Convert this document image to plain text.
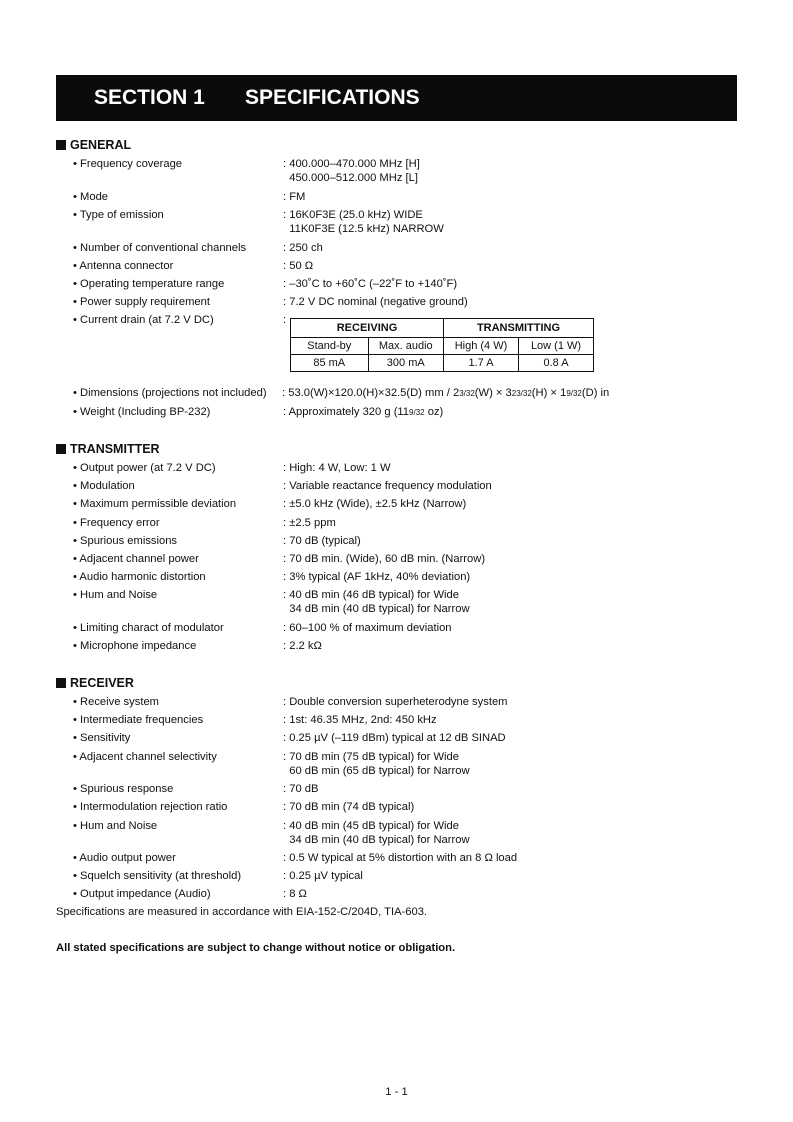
SECTION 1 SPECIFICATIONS
GENERAL
• Frequency coverage	: 400.000–470.000 MHz [H]
450.000–512.000 MHz [L]
• Mode	: FM
• Type of emission	: 16K0F3E (25.0 kHz) WIDE
11K0F3E (12.5 kHz) NARROW
• Number of conventional channels	: 250 ch
• Antenna connector	: 50 Ω
• Operating temperature range	: –30˚C to +60˚C (–22˚F to +140˚F)
• Power supply requirement	: 7.2 V DC nominal (negative ground)
• Current drain (at 7.2 V DC)	:
RECEIVING		TRANSMITTING	
Stand-by	Max. audio	High (4 W)	Low (1 W)
85 mA	300 mA	1.7 A	0.8 A
• Dimensions (projections not included) : 53.0(W)×120.0(H)×32.5(D) mm / 23/32(W) × 323/32(H) × 19/32(D) in
• Weight (Including BP-232)	: Approximately 320 g (119/32 oz)
TRANSMITTER
• Output power (at 7.2 V DC)	: High: 4 W, Low: 1 W
• Modulation	: Variable reactance frequency modulation
• Maximum permissible deviation	: ±5.0 kHz (Wide), ±2.5 kHz (Narrow)
• Frequency error	: ±2.5 ppm
• Spurious emissions	: 70 dB (typical)
• Adjacent channel power	: 70 dB min. (Wide), 60 dB min. (Narrow)
• Audio harmonic distortion	: 3% typical (AF 1kHz, 40% deviation)
• Hum and Noise	: 40 dB min (46 dB typical) for Wide
34 dB min (40 dB typical) for Narrow
• Limiting charact of modulator	: 60–100 % of maximum deviation
• Microphone impedance	: 2.2 kΩ
RECEIVER
• Receive system	: Double conversion superheterodyne system
• Intermediate frequencies	: 1st: 46.35 MHz, 2nd: 450 kHz
• Sensitivity	: 0.25 µV (–119 dBm) typical at 12 dB SINAD
• Adjacent channel selectivity	: 70 dB min (75 dB typical) for Wide
60 dB min (65 dB typical) for Narrow
• Spurious response	: 70 dB
• Intermodulation rejection ratio	: 70 dB min (74 dB typical)
• Hum and Noise	: 40 dB min (45 dB typical) for Wide
34 dB min (40 dB typical) for Narrow
• Audio output power	: 0.5 W typical at 5% distortion with an 8 Ω load
• Squelch sensitivity (at threshold)	: 0.25 µV typical
• Output impedance (Audio)	: 8 Ω
Specifications are measured in accordance with EIA-152-C/204D, TIA-603.
All stated specifications are subject to change without notice or obligation.
1 - 1
